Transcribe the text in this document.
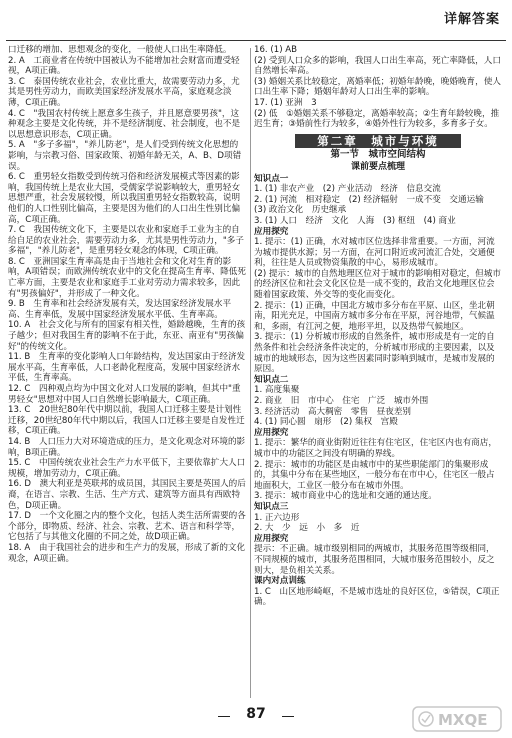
详解答案

口迁移的增加、思想观念的变化，一般使人口出生率降低。

2. A　工商业者在传统中国被认为不能增加社会财富而遭受轻视，A项正确。

3. C　泰国传统农业社会，农业比重大，故需要劳动力多，尤其是男性劳动力，而欧美国家经济发展水平高，家庭观念淡薄，C项正确。

4. C　"我国农村传统上愿意多生孩子，并且愿意要男孩"，这种观念主要是文化传统，并不是经济制度、社会制度，也不是以思想意识形态，C项正确。

5. A　"多子多福"，"养儿防老"，是人们受到传统文化思想的影响，与宗教习俗、国家政策、初婚年龄无关，A、B、D项错误。

6. C　重男轻女指数受到传统习俗和经济发展模式等因素的影响，我国传统上是农业大国，受儒家学说影响较大，重男轻女思想严重，社会发展较慢，所以我国重男轻女指数较高，说明他们的人口性别比偏高，主要是因为他们的人口出生性别比偏高，C项正确。

7. C　我国传统文化下，主要是以农业和家庭手工业为主的自给自足的农业社会，需要劳动力多，尤其是男性劳动力，"多子多福"，"养儿防老"，是重男轻女观念的体现，C项正确。

8. C　亚洲国家生育率高是由于当地社会和文化对生育的影响，A项错误；而欧洲传统农业中的文化在提高生育率、降低死亡率方面，主要是农业和家庭手工业对劳动力需求较多，因此有"男孩偏好"，并形成了一种文化。

9. B　生育率和社会经济发展有关，发达国家经济发展水平高、生育率低，发展中国家经济发展水平低、生育率高。

10. A　社会文化与所有的国家有相关性，婚龄越晚，生育的孩子越少；但对我国生育的影响不在于此，东亚、南亚有"男孩偏好"的传统文化。

11. B　生育率的变化影响人口年龄结构，发达国家由于经济发展水平高，生育率低，人口老龄化程度高，发展中国家经济水平低，生育率高。

12. C　四种观点均为中国文化对人口发展的影响，但其中"重男轻女"思想对中国人口自然增长影响最大，C项正确。

13. C　20世纪80年代中期以前，我国人口迁移主要是计划性迁移，20世纪80年代中期以后，我国人口迁移主要是自发性迁移，C项正确。

14. B　人口压力大对环境造成的压力，是文化观念对环境的影响，B项正确。

15. C　中国传统农业社会生产力水平低下，主要依靠扩大人口规模，增加劳动力，C项正确。

16. D　澳大利亚是英联邦的成员国，其国民主要是英国人的后裔，在语言、宗教、生活、生产方式、建筑等方面具有西欧特色，D项正确。

17. D　一个文化圈之内的整个文化，包括人类生活所需要的各个部分，即物质、经济、社会、宗教、艺术、语言和科学等，它包括了与其他文化圈的不同之处，故D项正确。

18. A　由于我国社会的进步和生产力的发展，形成了新的文化观念，A项正确。

16. (1) AB

(2) 受到人口众多的影响，我国人口出生率高，死亡率降低，人口自然增长率高。

(3) 婚姻关系比较稳定，离婚率低；初婚年龄晚，晚婚晚育，使人口出生率下降；婚姻年龄对人口出生率的影响。

17. (1) 亚洲　3

(2) 低　①婚姻关系不够稳定，离婚率较高；②生育年龄较晚，推迟生育；③婚前性行为较多，④婚外性行为较多，多育多子女。

第二章　城市与环境
第一节　城市空间结构
课前要点梳理

知识点一

1. (1) 非农产业　(2) 产业活动　经济　信息交流

2. (1) 河流　相对稳定　(2) 经济辐射　一成不变　交通运输　(3) 政治文化　历史继承

3. (1) 人口　经济　文化　人海　(3) 枢纽　(4) 商业

应用探究

1. 提示：(1) 正确，水对城市区位选择非常重要。一方面，河流为城市提供水源；另一方面，在河口附近或河流汇合处，交通便利，往往是人员或物资集散的中心，易形成城市。

(2) 提示：城市的自然地理区位对于城市的影响相对稳定，但城市的经济区位和社会文化区位是一成不变的，政治文化地理区位会随着国家政策、外交等的变化而变化。

2. 提示：(1) 正确，中国北方城市多分布在平原、山区，坐北朝南，阳光充足，中国南方城市多分布在平原，河谷地带，气候温和，多雨，有江河之便，地形平坦，以及热带气候地区。

3. 提示：(1) 分析城市形成的自然条件，城市形成是有一定的自然条件和社会经济条件决定的，分析城市形成的主要因素，以及城市的地域形态，因为这些因素同时影响到城市，是城市发展的原因。

知识点二

1. 高度集聚

2. 商业　旧　市中心　住宅　广泛　城市外围

3. 经济活动　高大稠密　零售　昼夜差别

4. (1) 同心圆　扇形　(2) 集权　宫殿

应用探究

1. 提示：繁华的商业街附近往往有住宅区，住宅区内也有商店，城市中的功能区之间没有明确的界线。

2. 提示：城市的功能区是由城市中的某些职能部门的集聚形成的，其集中分布在某些地区，一般分布在市中心，住宅区一般占地面积大，工业区一般分布在城市外围。

3. 提示：城市商业中心的选址和交通的通达度。

知识点三

1. 正六边形

2. 大　少　远　小　多　近

应用探究

提示：不正确。城市级别相同的两城市，其服务范围等级相同，不同规模的城市，其服务范围相同，大城市服务范围较小，反之则大，是负相关关系。

课内对点训练

1. C　山区地形崎岖，不是城市选址的良好区位，⑤错误，C项正确。

87	MXQE
